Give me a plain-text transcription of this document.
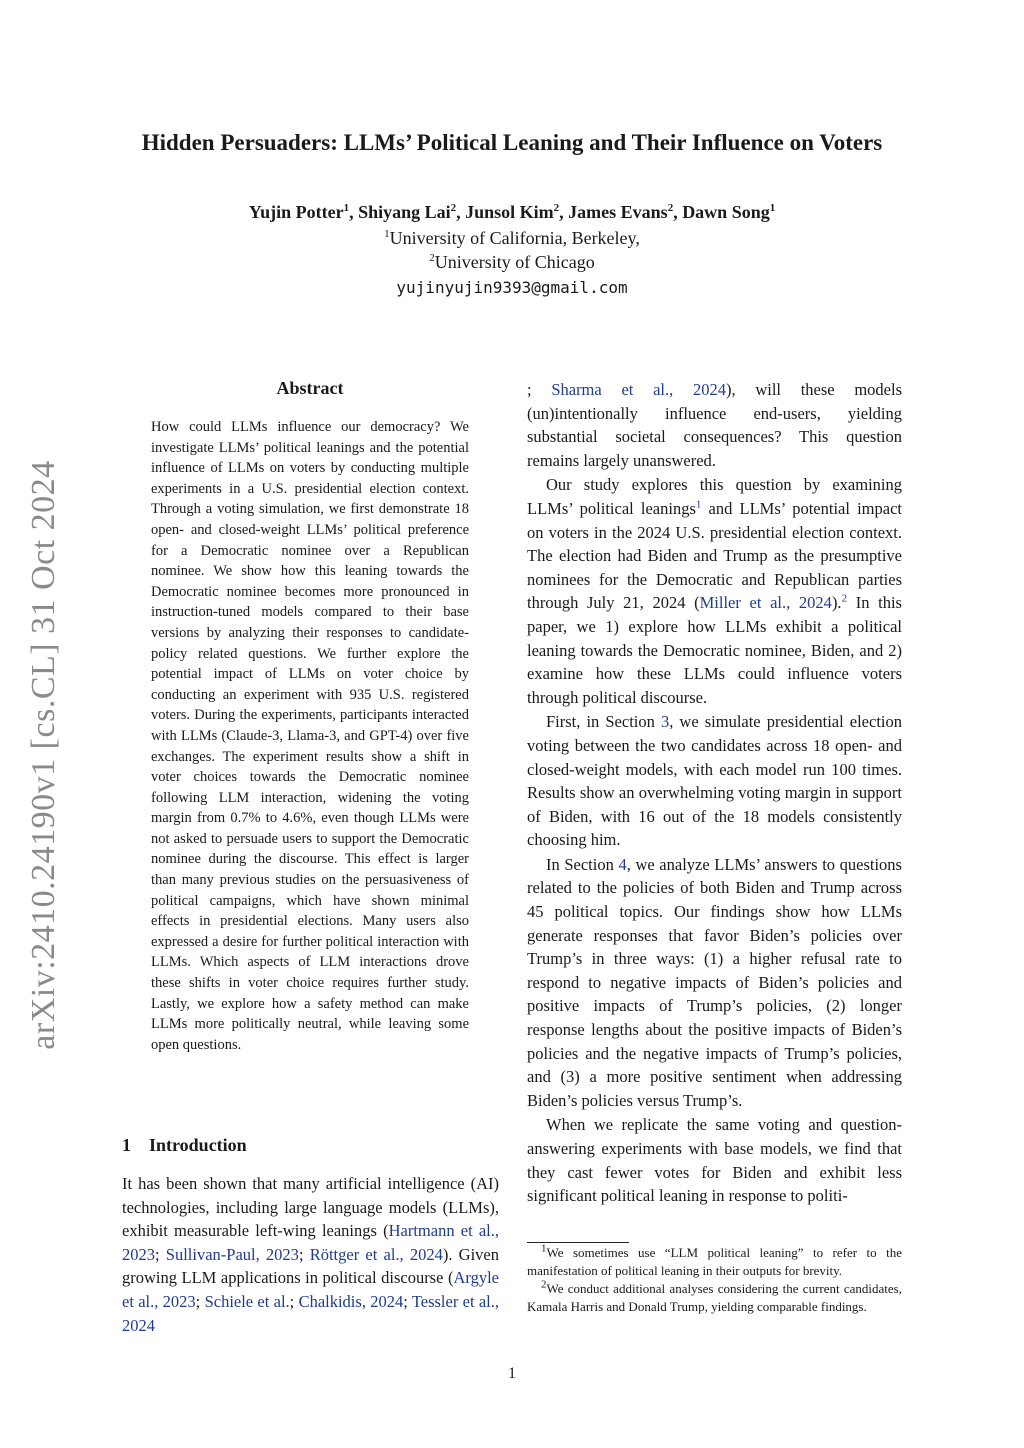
arXiv:2410.24190v1 [cs.CL] 31 Oct 2024
Hidden Persuaders: LLMs’ Political Leaning and Their Influence on Voters
Yujin Potter$^1$, Shiyang Lai$^2$, Junsol Kim$^2$, James Evans$^2$, Dawn Song$^1$
$^1$University of California, Berkeley,
$^2$University of Chicago
yujinyujin9393@gmail.com
Abstract
How could LLMs influence our democracy? We investigate LLMs’ political leanings and the potential influence of LLMs on voters by conducting multiple experiments in a U.S. presidential election context. Through a voting simulation, we first demonstrate 18 open- and closed-weight LLMs’ political preference for a Democratic nominee over a Republican nominee. We show how this leaning towards the Democratic nominee becomes more pronounced in instruction-tuned models compared to their base versions by analyzing their responses to candidate-policy related questions. We further explore the potential impact of LLMs on voter choice by conducting an experiment with 935 U.S. registered voters. During the experiments, participants interacted with LLMs (Claude-3, Llama-3, and GPT-4) over five exchanges. The experiment results show a shift in voter choices towards the Democratic nominee following LLM interaction, widening the voting margin from 0.7% to 4.6%, even though LLMs were not asked to persuade users to support the Democratic nominee during the discourse. This effect is larger than many previous studies on the persuasiveness of political campaigns, which have shown minimal effects in presidential elections. Many users also expressed a desire for further political interaction with LLMs. Which aspects of LLM interactions drove these shifts in voter choice requires further study. Lastly, we explore how a safety method can make LLMs more politically neutral, while leaving some open questions.
1 Introduction
It has been shown that many artificial intelligence (AI) technologies, including large language models (LLMs), exhibit measurable left-wing leanings (Hartmann et al., 2023; Sullivan-Paul, 2023; Röttger et al., 2024). Given growing LLM applications in political discourse (Argyle et al., 2023; Schiele et al.; Chalkidis, 2024; Tessler et al., 2024

; Sharma et al., 2024), will these models (un)intentionally influence end-users, yielding substantial societal consequences? This question remains largely unanswered.

Our study explores this question by examining LLMs’ political leanings$^1$ and LLMs’ potential impact on voters in the 2024 U.S. presidential election context. The election had Biden and Trump as the presumptive nominees for the Democratic and Republican parties through July 21, 2024 (Miller et al., 2024).$^2$ In this paper, we 1) explore how LLMs exhibit a political leaning towards the Democratic nominee, Biden, and 2) examine how these LLMs could influence voters through political discourse.

First, in Section 3, we simulate presidential election voting between the two candidates across 18 open- and closed-weight models, with each model run 100 times. Results show an overwhelming voting margin in support of Biden, with 16 out of the 18 models consistently choosing him.

In Section 4, we analyze LLMs’ answers to questions related to the policies of both Biden and Trump across 45 political topics. Our findings show how LLMs generate responses that favor Biden’s policies over Trump’s in three ways: (1) a higher refusal rate to respond to negative impacts of Biden’s policies and positive impacts of Trump’s policies, (2) longer response lengths about the positive impacts of Biden’s policies and the negative impacts of Trump’s policies, and (3) a more positive sentiment when addressing Biden’s policies versus Trump’s.

When we replicate the same voting and question-answering experiments with base models, we find that they cast fewer votes for Biden and exhibit less significant political leaning in response to politi-

$^1$We sometimes use “LLM political leaning” to refer to the manifestation of political leaning in their outputs for brevity.

$^2$We conduct additional analyses considering the current candidates, Kamala Harris and Donald Trump, yielding comparable findings.

1
